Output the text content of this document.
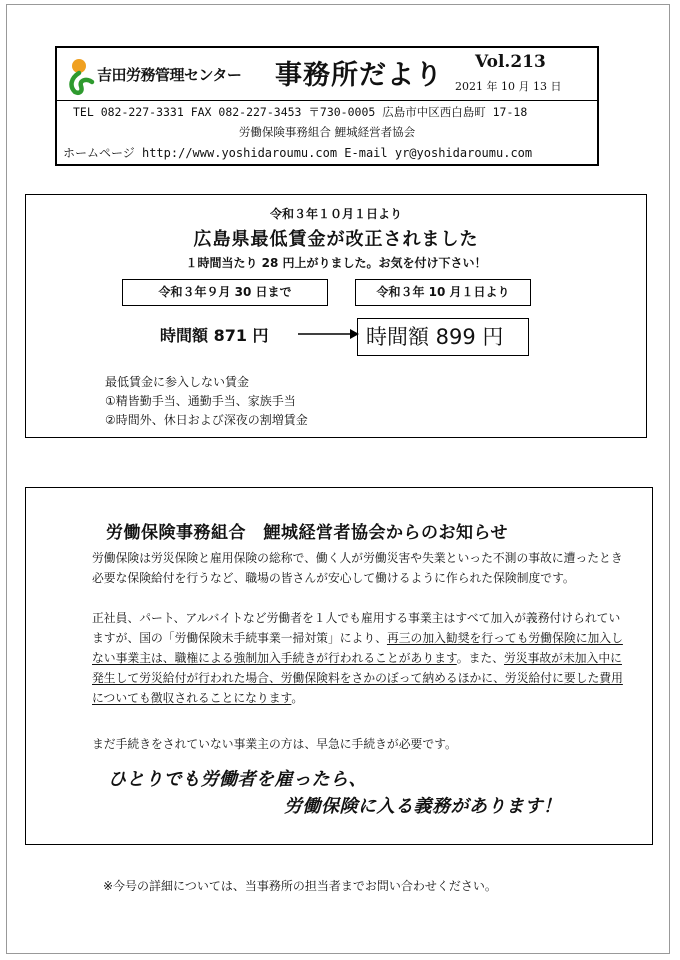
吉田労務管理センター 事務所だより Vol.213
2021 年 10 月 13 日
TEL 082-227-3331 FAX 082-227-3453 〒730-0005 広島市中区西白島町 17-18
労働保険事務組合 鯉城経営者協会
ホームページ http://www.yoshidaroumu.com E-mail yr@yoshidaroumu.com
令和３年１０月１日より
広島県最低賃金が改正されました
１時間当たり 28 円上がりました。お気を付け下さい！
令和３年９月 30 日まで	令和３年 10 月１日より
時間額 871 円	時間額 899 円
最低賃金に参入しない賃金
①精皆勤手当、通勤手当、家族手当
②時間外、休日および深夜の割増賃金
労働保険事務組合　鯉城経営者協会からのお知らせ
労働保険は労災保険と雇用保険の総称で、働く人が労働災害や失業といった不測の事故に遭ったとき必要な保険給付を行うなど、職場の皆さんが安心して働けるように作られた保険制度です。
正社員、パート、アルバイトなど労働者を１人でも雇用する事業主はすべて加入が義務付けられていますが、国の「労働保険未手続事業一掃対策」により、再三の加入勧奨を行っても労働保険に加入しない事業主は、職権による強制加入手続きが行われることがあります。また、労災事故が未加入中に発生して労災給付が行われた場合、労働保険料をさかのぼって納めるほかに、労災給付に要した費用についても徴収されることになります。
まだ手続きをされていない事業主の方は、早急に手続きが必要です。
ひとりでも労働者を雇ったら、
労働保険に入る義務があります！
※今号の詳細については、当事務所の担当者までお問い合わせください。
